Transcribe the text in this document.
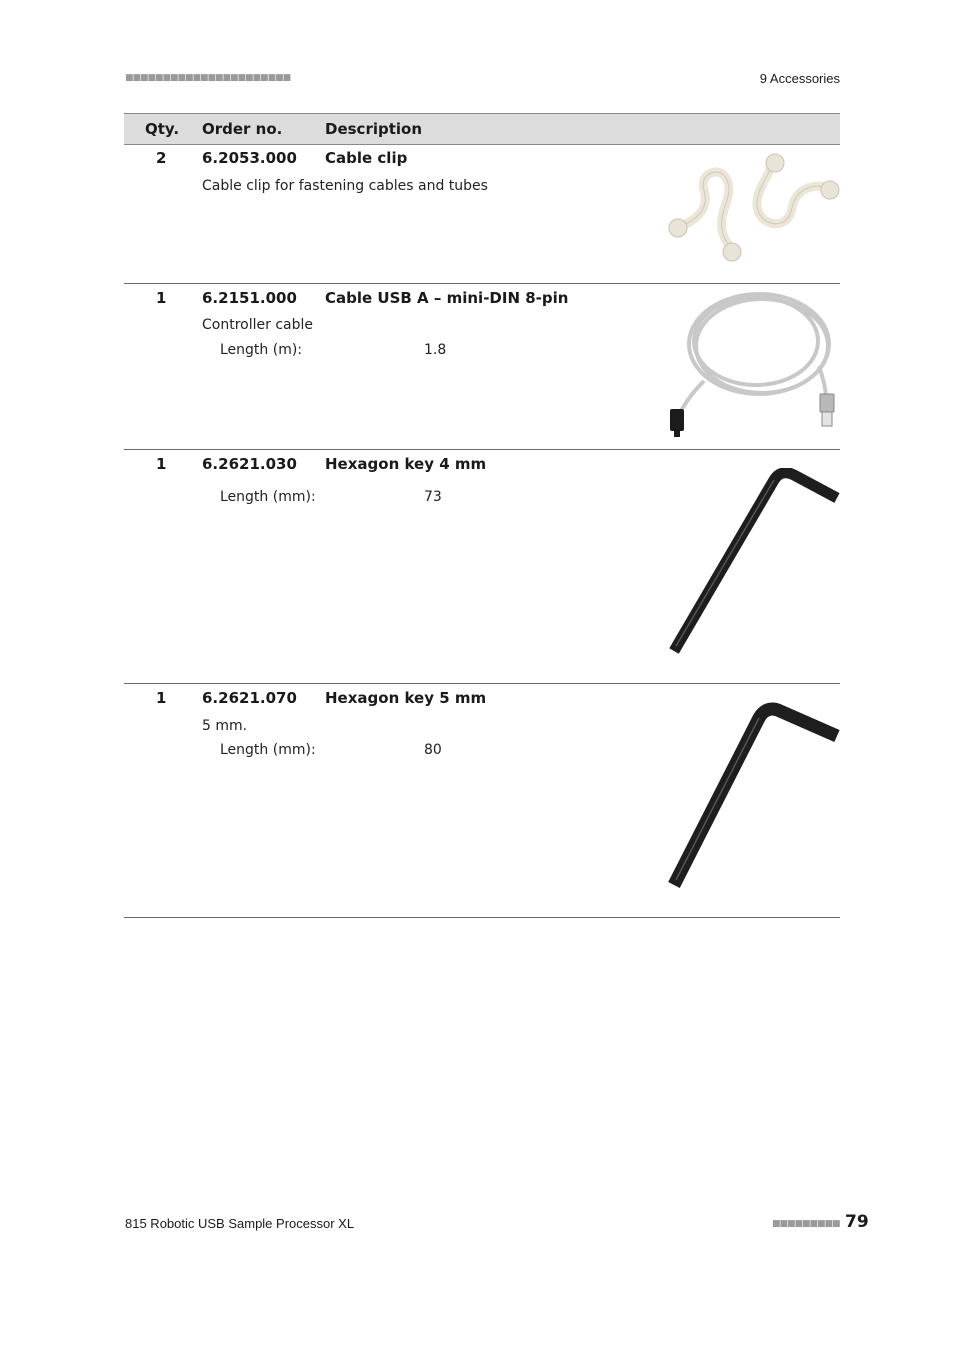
■■■■■■■■■■■■■■■■■■■■■■	9 Accessories
Qty. Order no.	Description
2 6.2053.000 Cable clip
Cable clip for fastening cables and tubes
1 6.2151.000 Cable USB A – mini-DIN 8-pin
Controller cable
Length (m):	1.8
1 6.2621.030 Hexagon key 4 mm
Length (mm):	73
1 6.2621.070 Hexagon key 5 mm
5 mm.
Length (mm):	80
815 Robotic USB Sample Processor XL	■■■■■■■■■ 79
